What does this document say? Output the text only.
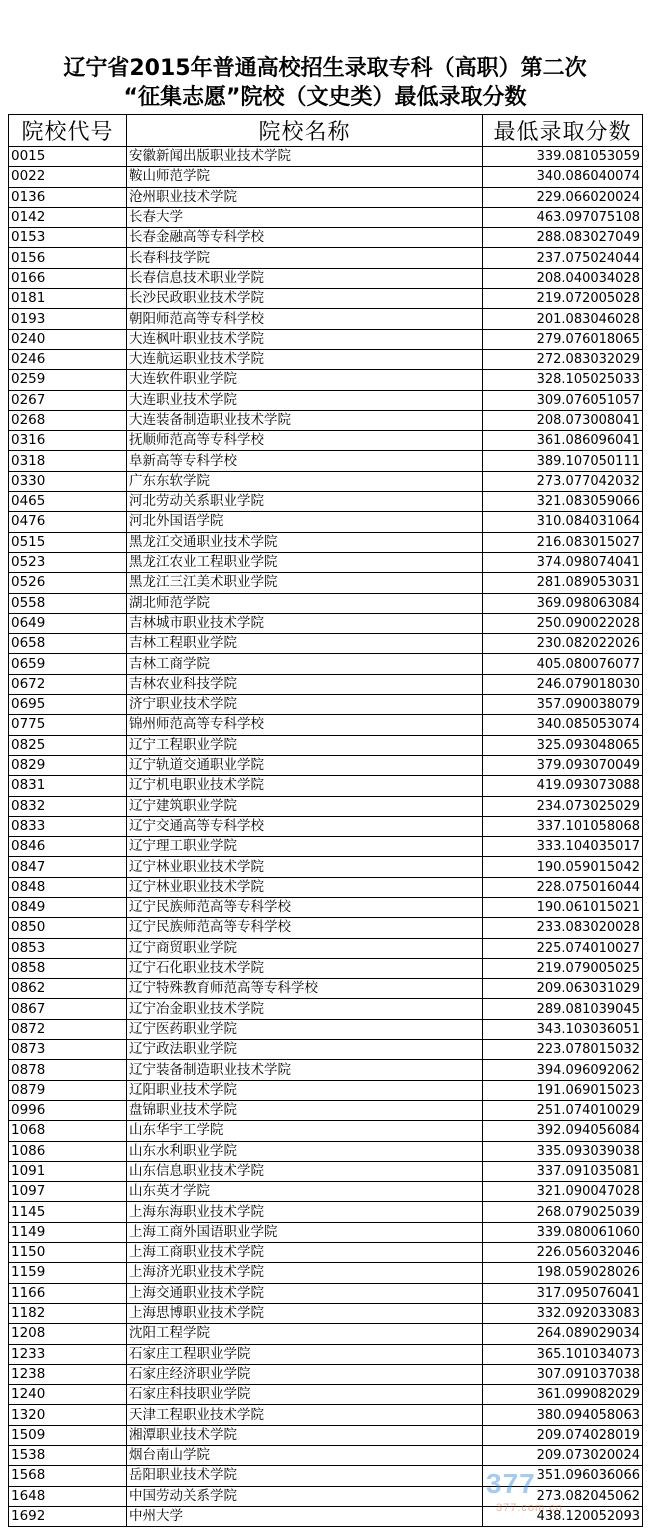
辽宁省2015年普通高校招生录取专科（高职）第二次
“征集志愿”院校（文史类）最低录取分数
院校代号	院校名称	最低录取分数
0015	安徽新闻出版职业技术学院	339.081053059
0022	鞍山师范学院	340.086040074
0136	沧州职业技术学院	229.066020024
0142	长春大学	463.097075108
0153	长春金融高等专科学校	288.083027049
0156	长春科技学院	237.075024044
0166	长春信息技术职业学院	208.040034028
0181	长沙民政职业技术学院	219.072005028
0193	朝阳师范高等专科学校	201.083046028
0240	大连枫叶职业技术学院	279.076018065
0246	大连航运职业技术学院	272.083032029
0259	大连软件职业学院	328.105025033
0267	大连职业技术学院	309.076051057
0268	大连装备制造职业技术学院	208.073008041
0316	抚顺师范高等专科学校	361.086096041
0318	阜新高等专科学校	389.107050111
0330	广东东软学院	273.077042032
0465	河北劳动关系职业学院	321.083059066
0476	河北外国语学院	310.084031064
0515	黑龙江交通职业技术学院	216.083015027
0523	黑龙江农业工程职业学院	374.098074041
0526	黑龙江三江美术职业学院	281.089053031
0558	湖北师范学院	369.098063084
0649	吉林城市职业技术学院	250.090022028
0658	吉林工程职业学院	230.082022026
0659	吉林工商学院	405.080076077
0672	吉林农业科技学院	246.079018030
0695	济宁职业技术学院	357.090038079
0775	锦州师范高等专科学校	340.085053074
0825	辽宁工程职业学院	325.093048065
0829	辽宁轨道交通职业学院	379.093070049
0831	辽宁机电职业技术学院	419.093073088
0832	辽宁建筑职业学院	234.073025029
0833	辽宁交通高等专科学校	337.101058068
0846	辽宁理工职业学院	333.104035017
0847	辽宁林业职业技术学院	190.059015042
0848	辽宁林业职业技术学院	228.075016044
0849	辽宁民族师范高等专科学校	190.061015021
0850	辽宁民族师范高等专科学校	233.083020028
0853	辽宁商贸职业学院	225.074010027
0858	辽宁石化职业技术学院	219.079005025
0862	辽宁特殊教育师范高等专科学校	209.063031029
0867	辽宁冶金职业技术学院	289.081039045
0872	辽宁医药职业学院	343.103036051
0873	辽宁政法职业学院	223.078015032
0878	辽宁装备制造职业技术学院	394.096092062
0879	辽阳职业技术学院	191.069015023
0996	盘锦职业技术学院	251.074010029
1068	山东华宇工学院	392.094056084
1086	山东水利职业学院	335.093039038
1091	山东信息职业技术学院	337.091035081
1097	山东英才学院	321.090047028
1145	上海东海职业技术学院	268.079025039
1149	上海工商外国语职业学院	339.080061060
1150	上海工商职业技术学院	226.056032046
1159	上海济光职业技术学院	198.059028026
1166	上海交通职业技术学院	317.095076041
1182	上海思博职业技术学院	332.092033083
1208	沈阳工程学院	264.089029034
1233	石家庄工程职业学院	365.101034073
1238	石家庄经济职业学院	307.091037038
1240	石家庄科技职业学院	361.099082029
1320	天津工程职业技术学院	380.094058063
1509	湘潭职业技术学院	209.074028019
1538	烟台南山学院	209.073020024
1568	岳阳职业技术学院	351.096036066
1648	中国劳动关系学院	273.082045062
1692	中州大学	438.120052093
377
377.com.cn
